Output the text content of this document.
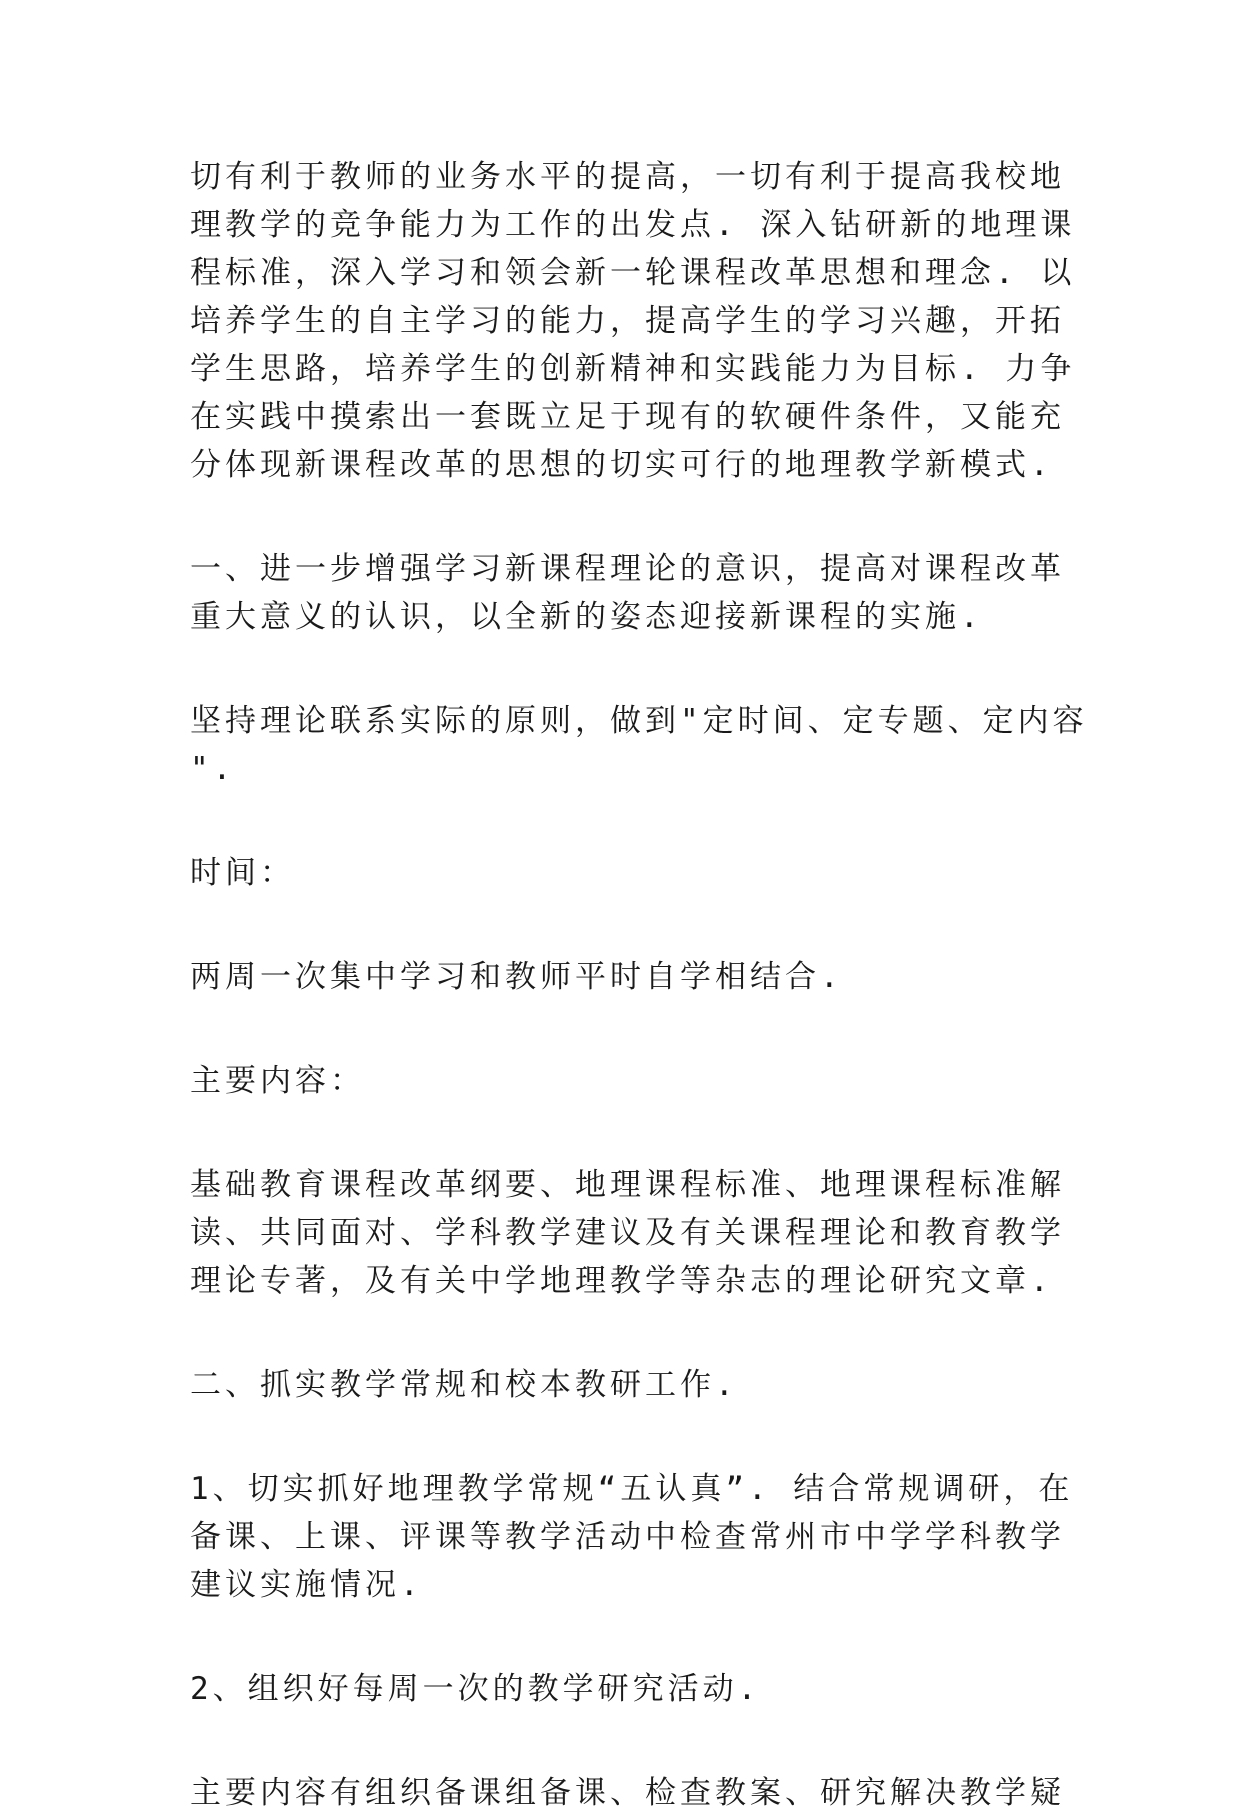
切有利于教师的业务水平的提高，一切有利于提高我校地
理教学的竞争能力为工作的出发点. 深入钻研新的地理课
程标准，深入学习和领会新一轮课程改革思想和理念. 以
培养学生的自主学习的能力，提高学生的学习兴趣，开拓
学生思路，培养学生的创新精神和实践能力为目标. 力争
在实践中摸索出一套既立足于现有的软硬件条件，又能充
分体现新课程改革的思想的切实可行的地理教学新模式.

一、进一步增强学习新课程理论的意识，提高对课程改革
重大意义的认识，以全新的姿态迎接新课程的实施.

坚持理论联系实际的原则，做到"定时间、定专题、定内容
".

时间：

两周一次集中学习和教师平时自学相结合.

主要内容：

基础教育课程改革纲要、地理课程标准、地理课程标准解
读、共同面对、学科教学建议及有关课程理论和教育教学
理论专著，及有关中学地理教学等杂志的理论研究文章.

二、抓实教学常规和校本教研工作.

1、切实抓好地理教学常规“五认真”. 结合常规调研，在
备课、上课、评课等教学活动中检查常州市中学学科教学
建议实施情况.

2、组织好每周一次的教学研究活动.

主要内容有组织备课组备课、检查教案、研究解决教学疑
